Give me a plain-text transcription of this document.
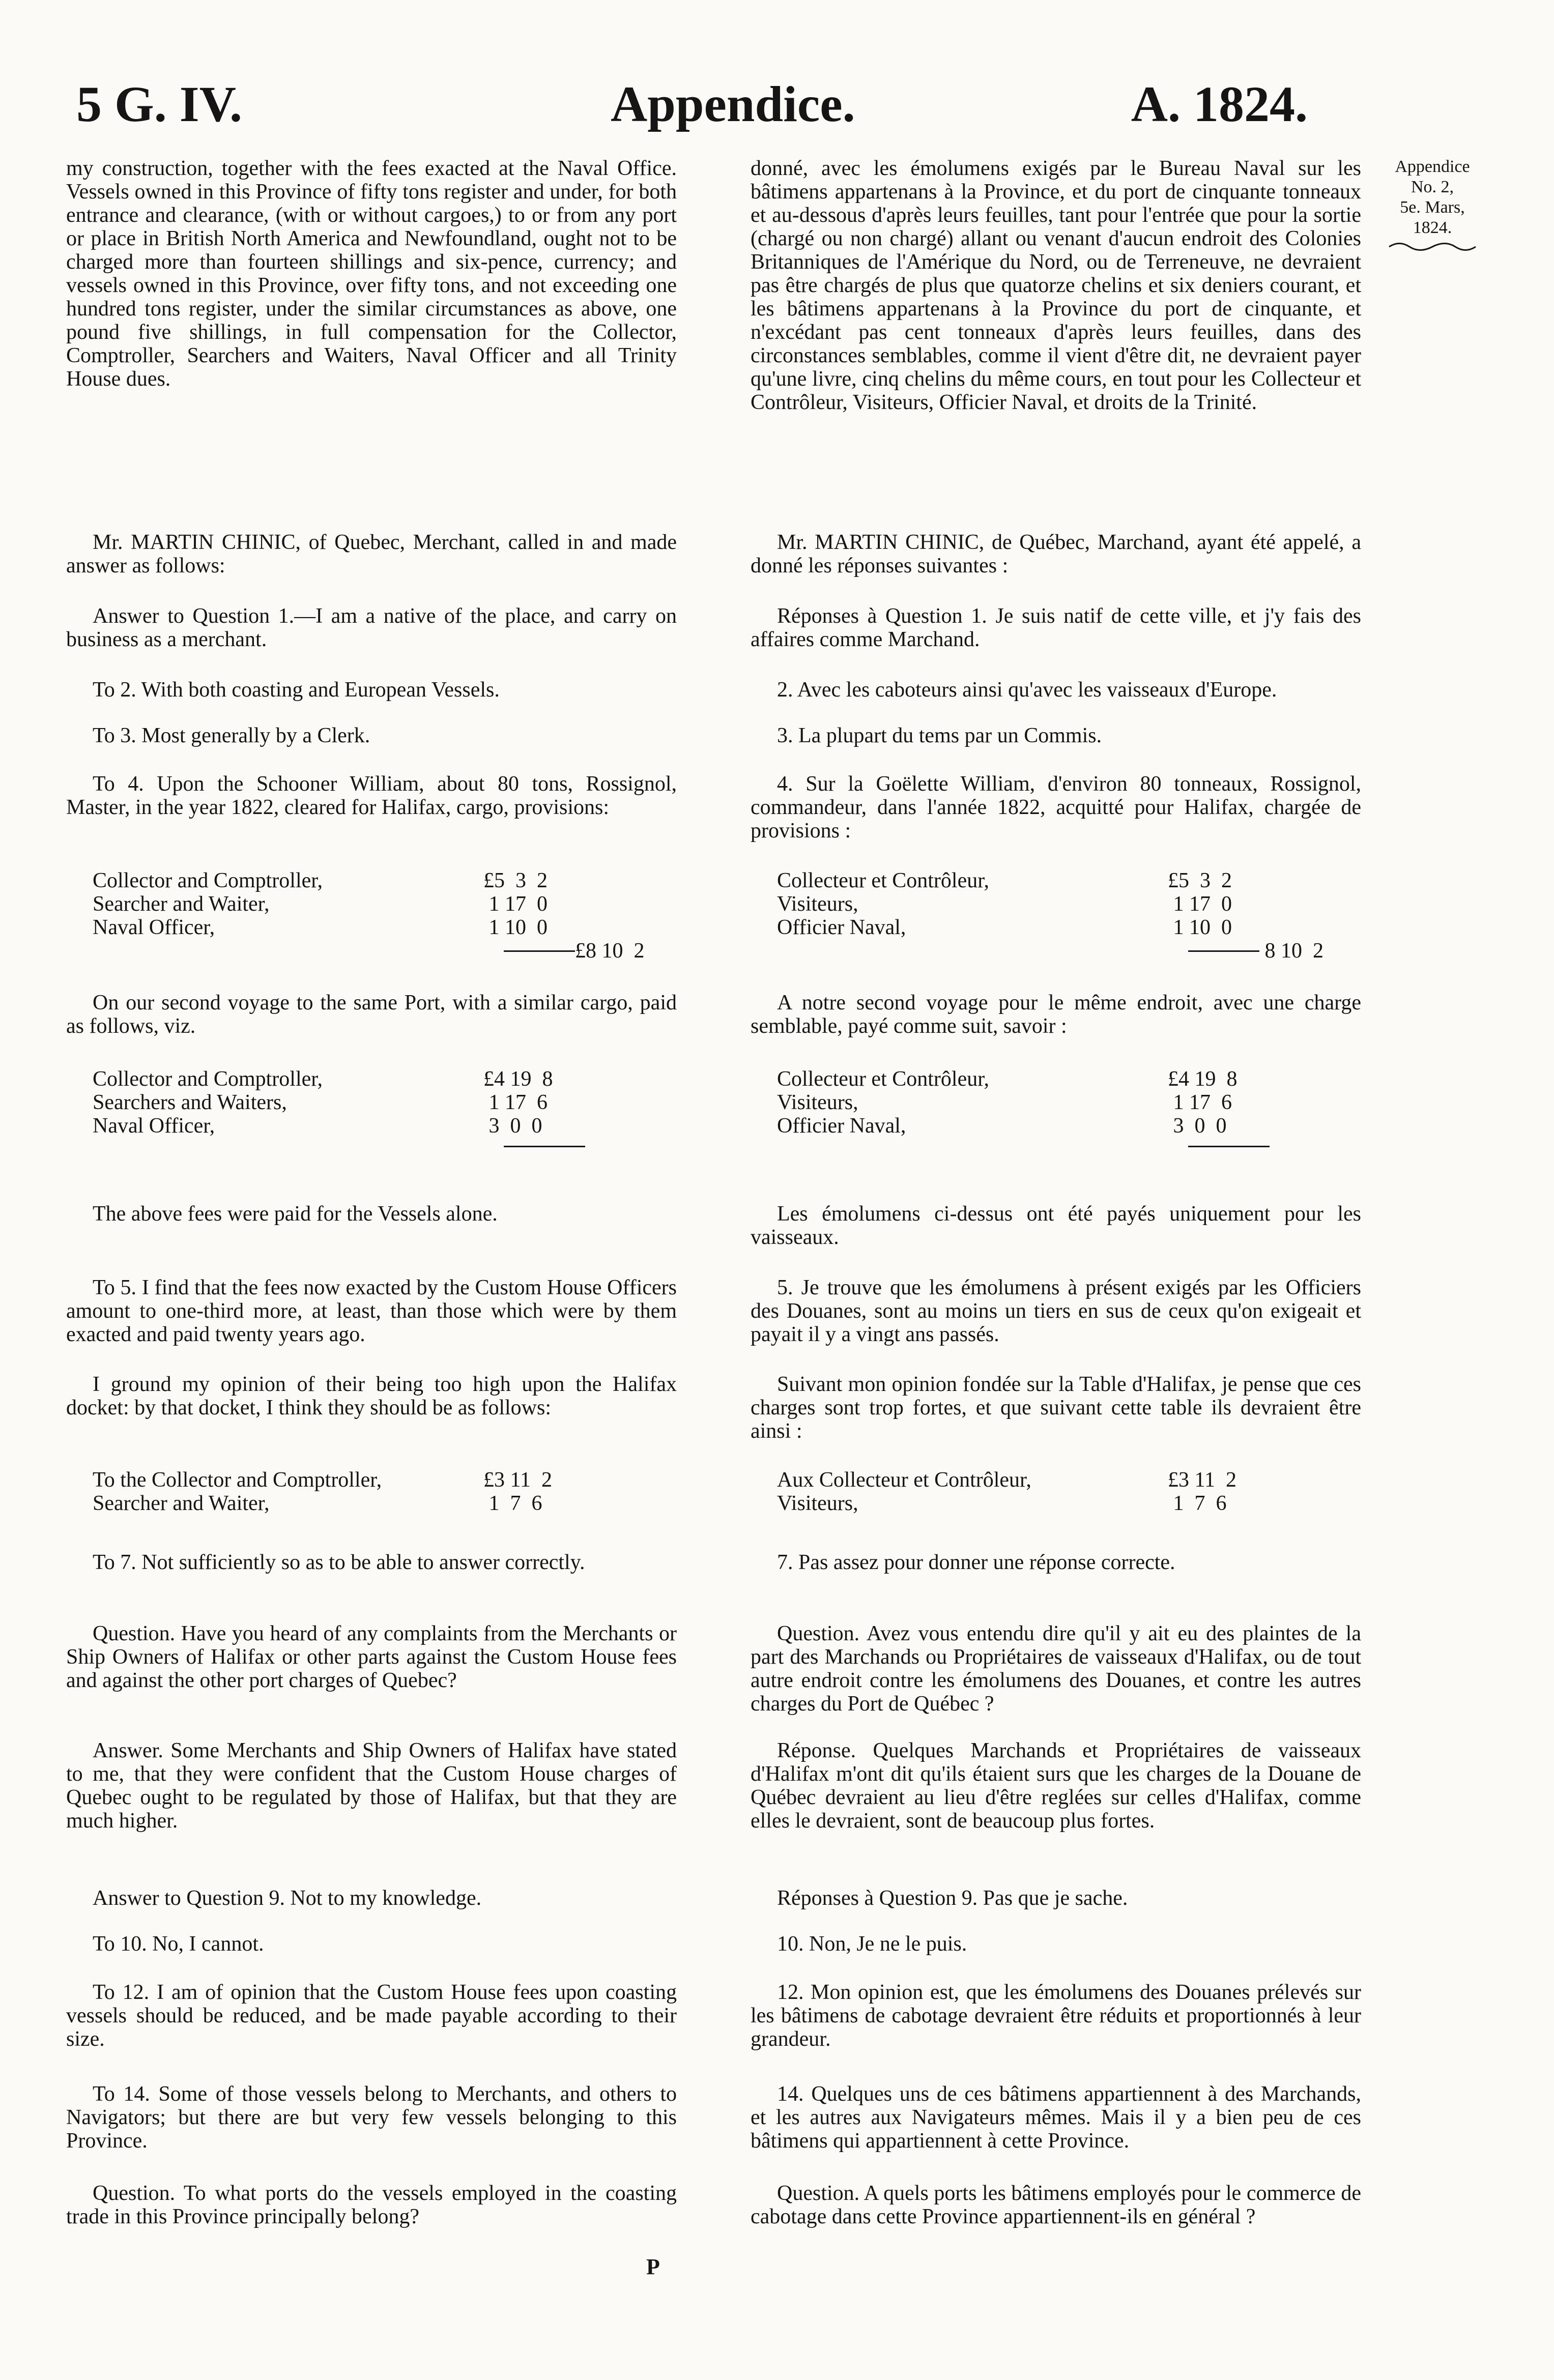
5 G. IV.	Appendice.	A. 1824.
Appendice
No. 2,
5e. Mars,
1824.

my construction, together with the fees exacted at the Naval Office. Vessels owned in this Province of fifty tons register and under, for both entrance and clearance, (with or without cargoes,) to or from any port or place in British North America and Newfoundland, ought not to be charged more than fourteen shillings and six-pence, currency; and vessels owned in this Province, over fifty tons, and not exceeding one hundred tons register, under the similar circumstances as above, one pound five shillings, in full compensation for the Collector, Comptroller, Searchers and Waiters, Naval Officer and all Trinity House dues.

Mr. MARTIN CHINIC, of Quebec, Merchant, called in and made answer as follows:

Answer to Question 1.—I am a native of the place, and carry on business as a merchant.

To 2. With both coasting and European Vessels.

To 3. Most generally by a Clerk.

To 4. Upon the Schooner William, about 80 tons, Rossignol, Master, in the year 1822, cleared for Halifax, cargo, provisions:

Collector and Comptroller,	£5  3  2
Searcher and Waiter,	1 17  0
Naval Officer,	1 10  0
£8 10  2

On our second voyage to the same Port, with a similar cargo, paid as follows, viz.

Collector and Comptroller,	£4 19  8
Searchers and Waiters,	1 17  6
Naval Officer,	3  0  0

The above fees were paid for the Vessels alone.

To 5. I find that the fees now exacted by the Custom House Officers amount to one-third more, at least, than those which were by them exacted and paid twenty years ago.

I ground my opinion of their being too high upon the Halifax docket: by that docket, I think they should be as follows:

To the Collector and Comptroller,	£3 11  2
Searcher and Waiter,	1  7  6

To 7. Not sufficiently so as to be able to answer correctly.

Question. Have you heard of any complaints from the Merchants or Ship Owners of Halifax or other parts against the Custom House fees and against the other port charges of Quebec?

Answer. Some Merchants and Ship Owners of Halifax have stated to me, that they were confident that the Custom House charges of Quebec ought to be regulated by those of Halifax, but that they are much higher.

Answer to Question 9. Not to my knowledge.

To 10. No, I cannot.

To 12. I am of opinion that the Custom House fees upon coasting vessels should be reduced, and be made payable according to their size.

To 14. Some of those vessels belong to Merchants, and others to Navigators; but there are but very few vessels belonging to this Province.

Question. To what ports do the vessels employed in the coasting trade in this Province principally belong?

donné, avec les émolumens exigés par le Bureau Naval sur les bâtimens appartenans à la Province, et du port de cinquante tonneaux et au-dessous d'après leurs feuilles, tant pour l'entrée que pour la sortie (chargé ou non chargé) allant ou venant d'aucun endroit des Colonies Britanniques de l'Amérique du Nord, ou de Terreneuve, ne devraient pas être chargés de plus que quatorze chelins et six deniers courant, et les bâtimens appartenans à la Province du port de cinquante, et n'excédant pas cent tonneaux d'après leurs feuilles, dans des circonstances semblables, comme il vient d'être dit, ne devraient payer qu'une livre, cinq chelins du même cours, en tout pour les Collecteur et Contrôleur, Visiteurs, Officier Naval, et droits de la Trinité.

Mr. MARTIN CHINIC, de Québec, Marchand, ayant été appelé, a donné les réponses suivantes :

Réponses à Question 1. Je suis natif de cette ville, et j'y fais des affaires comme Marchand.

2. Avec les caboteurs ainsi qu'avec les vaisseaux d'Europe.

3. La plupart du tems par un Commis.

4. Sur la Goëlette William, d'environ 80 tonneaux, Rossignol, commandeur, dans l'année 1822, acquitté pour Halifax, chargée de provisions :

Collecteur et Contrôleur,	£5  3  2
Visiteurs,	1 17  0
Officier Naval,	1 10  0
8 10  2

A notre second voyage pour le même endroit, avec une charge semblable, payé comme suit, savoir :

Collecteur et Contrôleur,	£4 19  8
Visiteurs,	1 17  6
Officier Naval,	3  0  0

Les émolumens ci-dessus ont été payés uniquement pour les vaisseaux.

5. Je trouve que les émolumens à présent exigés par les Officiers des Douanes, sont au moins un tiers en sus de ceux qu'on exigeait et payait il y a vingt ans passés.

Suivant mon opinion fondée sur la Table d'Halifax, je pense que ces charges sont trop fortes, et que suivant cette table ils devraient être ainsi :

Aux Collecteur et Contrôleur,	£3 11  2
Visiteurs,	1  7  6

7. Pas assez pour donner une réponse correcte.

Question. Avez vous entendu dire qu'il y ait eu des plaintes de la part des Marchands ou Propriétaires de vaisseaux d'Halifax, ou de tout autre endroit contre les émolumens des Douanes, et contre les autres charges du Port de Québec ?

Réponse. Quelques Marchands et Propriétaires de vaisseaux d'Halifax m'ont dit qu'ils étaient surs que les charges de la Douane de Québec devraient au lieu d'être reglées sur celles d'Halifax, comme elles le devraient, sont de beaucoup plus fortes.

Réponses à Question 9. Pas que je sache.

10. Non, Je ne le puis.

12. Mon opinion est, que les émolumens des Douanes prélevés sur les bâtimens de cabotage devraient être réduits et proportionnés à leur grandeur.

14. Quelques uns de ces bâtimens appartiennent à des Marchands, et les autres aux Navigateurs mêmes. Mais il y a bien peu de ces bâtimens qui appartiennent à cette Province.

Question. A quels ports les bâtimens employés pour le commerce de cabotage dans cette Province appartiennent-ils en général ?

P
